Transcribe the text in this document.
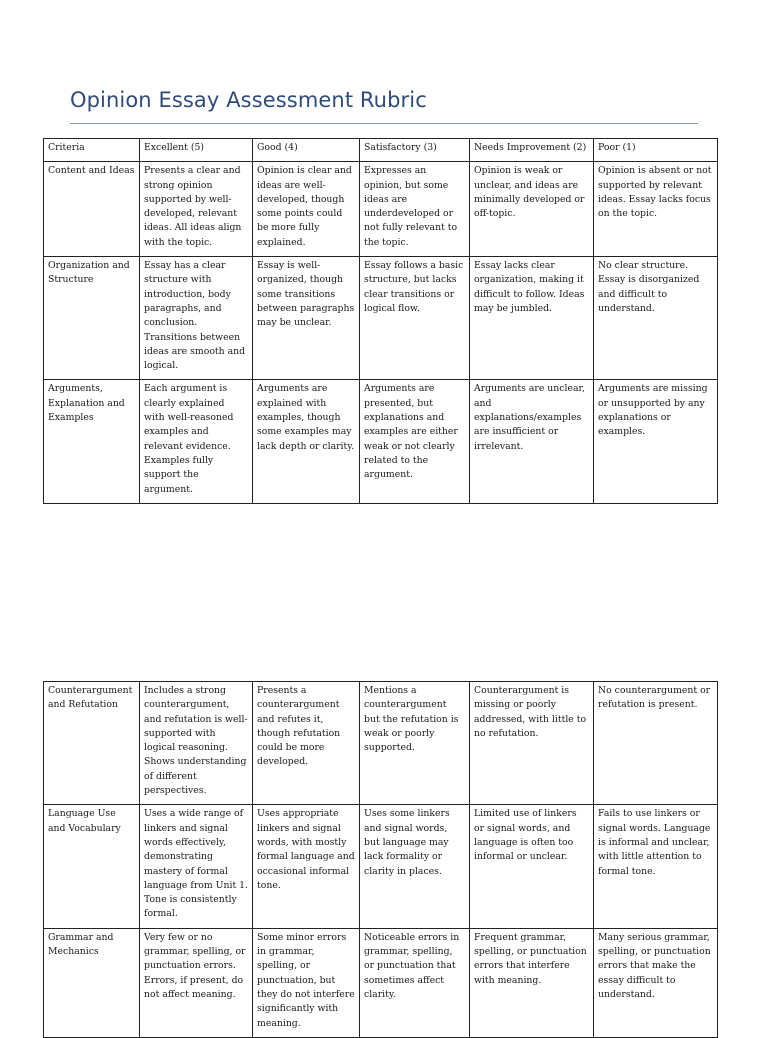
Opinion Essay Assessment Rubric
Criteria	Excellent (5)	Good (4)	Satisfactory (3)	Needs Improvement (2)	Poor (1)
Content and Ideas	Presents a clear and strong opinion supported by well-developed, relevant ideas. All ideas align with the topic.	Opinion is clear and ideas are well-developed, though some points could be more fully explained.	Expresses an opinion, but some ideas are underdeveloped or not fully relevant to the topic.	Opinion is weak or unclear, and ideas are minimally developed or off-topic.	Opinion is absent or not supported by relevant ideas. Essay lacks focus on the topic.
Organization and Structure	Essay has a clear structure with introduction, body paragraphs, and conclusion. Transitions between ideas are smooth and logical.	Essay is well-organized, though some transitions between paragraphs may be unclear.	Essay follows a basic structure, but lacks clear transitions or logical flow.	Essay lacks clear organization, making it difficult to follow. Ideas may be jumbled.	No clear structure. Essay is disorganized and difficult to understand.
Arguments, Explanation and Examples	Each argument is clearly explained with well-reasoned examples and relevant evidence. Examples fully support the argument.	Arguments are explained with examples, though some examples may lack depth or clarity.	Arguments are presented, but explanations and examples are either weak or not clearly related to the argument.	Arguments are unclear, and explanations/examples are insufficient or irrelevant.	Arguments are missing or unsupported by any explanations or examples.
Counterargument and Refutation	Includes a strong counterargument, and refutation is well-supported with logical reasoning. Shows understanding of different perspectives.	Presents a counterargument and refutes it, though refutation could be more developed.	Mentions a counterargument but the refutation is weak or poorly supported.	Counterargument is missing or poorly addressed, with little to no refutation.	No counterargument or refutation is present.
Language Use and Vocabulary	Uses a wide range of linkers and signal words effectively, demonstrating mastery of formal language from Unit 1. Tone is consistently formal.	Uses appropriate linkers and signal words, with mostly formal language and occasional informal tone.	Uses some linkers and signal words, but language may lack formality or clarity in places.	Limited use of linkers or signal words, and language is often too informal or unclear.	Fails to use linkers or signal words. Language is informal and unclear, with little attention to formal tone.
Grammar and Mechanics	Very few or no grammar, spelling, or punctuation errors. Errors, if present, do not affect meaning.	Some minor errors in grammar, spelling, or punctuation, but they do not interfere significantly with meaning.	Noticeable errors in grammar, spelling, or punctuation that sometimes affect clarity.	Frequent grammar, spelling, or punctuation errors that interfere with meaning.	Many serious grammar, spelling, or punctuation errors that make the essay difficult to understand.
